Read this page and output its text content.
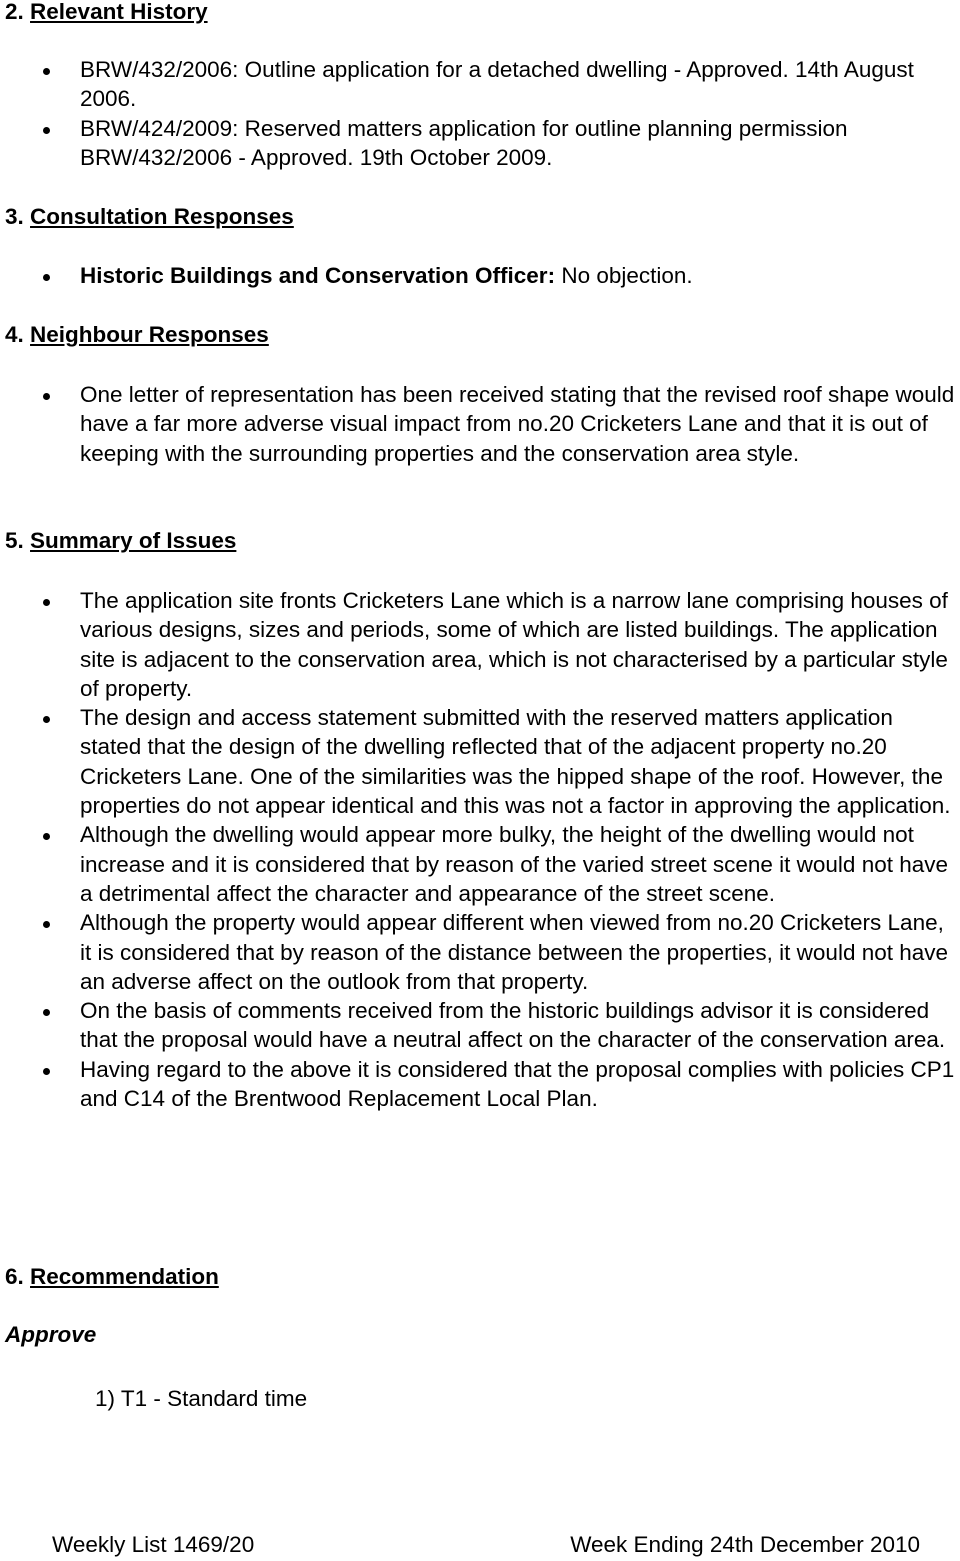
2. Relevant History
BRW/432/2006: Outline application for a detached dwelling - Approved. 14th August 2006.
BRW/424/2009: Reserved matters application for outline planning permission BRW/432/2006 - Approved. 19th October 2009.
3. Consultation Responses
Historic Buildings and Conservation Officer: No objection.
4. Neighbour Responses
One letter of representation has been received stating that the revised roof shape would have a far more adverse visual impact from no.20 Cricketers Lane and that it is out of keeping with the surrounding properties and the conservation area style.
5. Summary of Issues
The application site fronts Cricketers Lane which is a narrow lane comprising houses of various designs, sizes and periods, some of which are listed buildings. The application site is adjacent to the conservation area, which is not characterised by a particular style of property.
The design and access statement submitted with the reserved matters application stated that the design of the dwelling reflected that of the adjacent property no.20 Cricketers Lane. One of the similarities was the hipped shape of the roof. However, the properties do not appear identical and this was not a factor in approving the application.
Although the dwelling would appear more bulky, the height of the dwelling would not increase and it is considered that by reason of the varied street scene it would not have a detrimental affect the character and appearance of the street scene.
Although the property would appear different when viewed from no.20 Cricketers Lane, it is considered that by reason of the distance between the properties, it would not have an adverse affect on the outlook from that property.
On the basis of comments received from the historic buildings advisor it is considered that the proposal would have a neutral affect on the character of the conservation area.
Having regard to the above it is considered that the proposal complies with policies CP1 and C14 of the Brentwood Replacement Local Plan.
6. Recommendation
Approve
1) T1 - Standard time
Weekly List 1469/20	Week Ending 24th December 2010
